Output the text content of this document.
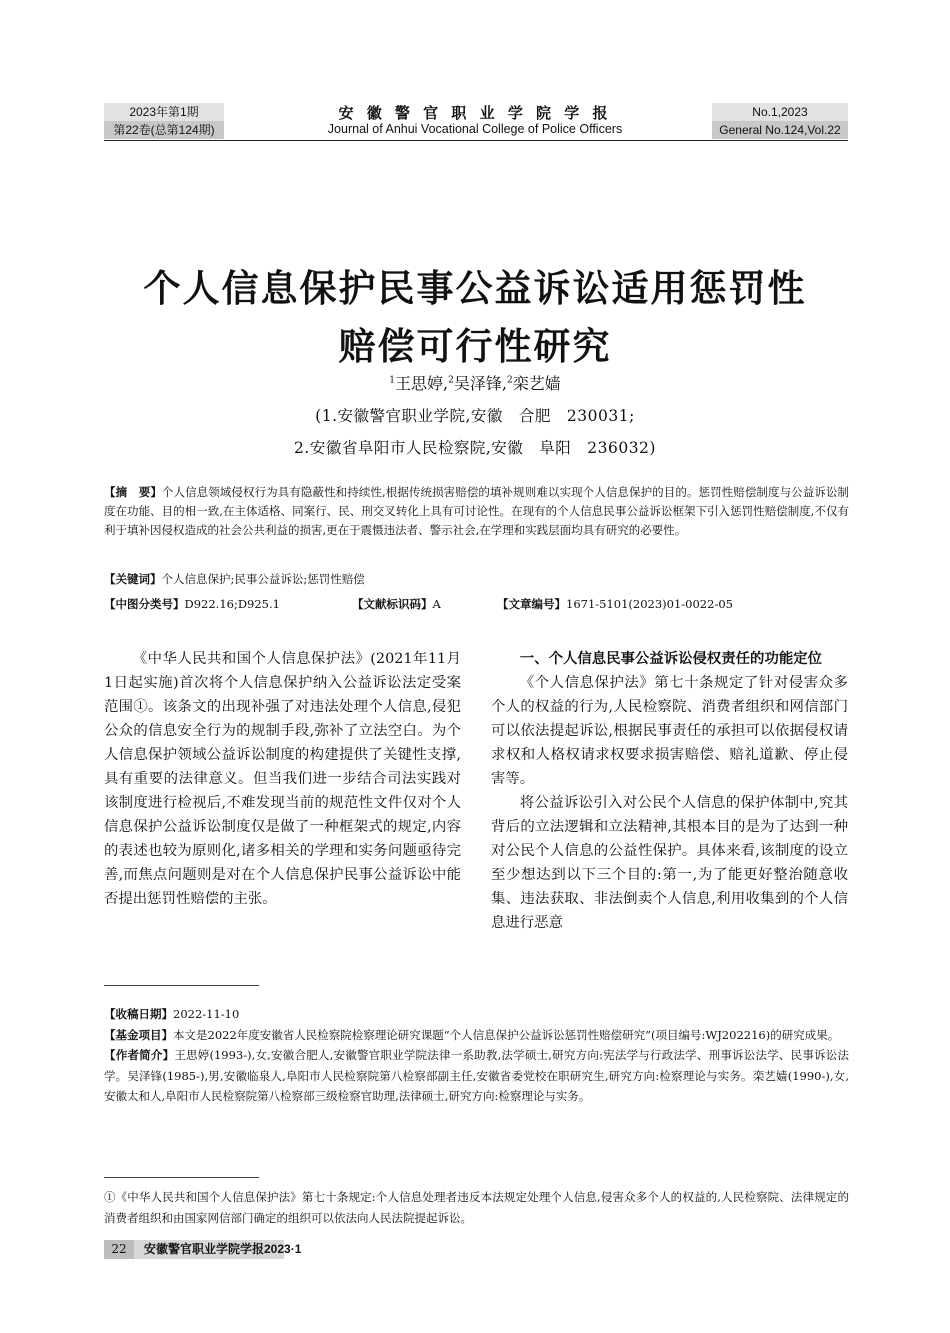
2023年第1期
第22卷(总第124期)
安 徽 警 官 职 业 学 院 学 报
Journal of Anhui Vocational College of Police Officers
No.1,2023
General No.124,Vol.22
个人信息保护民事公益诉讼适用惩罚性
赔偿可行性研究
$^1$王思婷,$^2$吴泽锋,$^2$栾艺嫱
(1.安徽警官职业学院,安徽　合肥　230031;
2.安徽省阜阳市人民检察院,安徽　阜阳　236032)
【摘　要】个人信息领域侵权行为具有隐蔽性和持续性,根据传统损害赔偿的填补规则难以实现个人信息保护的目的。惩罚性赔偿制度与公益诉讼制度在功能、目的相一致,在主体适格、同案行、民、刑交叉转化上具有可讨论性。在现有的个人信息民事公益诉讼框架下引入惩罚性赔偿制度,不仅有利于填补因侵权造成的社会公共利益的损害,更在于震慑违法者、警示社会,在学理和实践层面均具有研究的必要性。
【关键词】个人信息保护;民事公益诉讼;惩罚性赔偿
【中图分类号】D922.16;D925.1	【文献标识码】A	【文章编号】1671-5101(2023)01-0022-05

《中华人民共和国个人信息保护法》(2021年11月1日起实施)首次将个人信息保护纳入公益诉讼法定受案范围①。该条文的出现补强了对违法处理个人信息,侵犯公众的信息安全行为的规制手段,弥补了立法空白。为个人信息保护领域公益诉讼制度的构建提供了关键性支撑,具有重要的法律意义。但当我们进一步结合司法实践对该制度进行检视后,不难发现当前的规范性文件仅对个人信息保护公益诉讼制度仅是做了一种框架式的规定,内容的表述也较为原则化,诸多相关的学理和实务问题亟待完善,而焦点问题则是对在个人信息保护民事公益诉讼中能否提出惩罚性赔偿的主张。

一、个人信息民事公益诉讼侵权责任的功能定位

《个人信息保护法》第七十条规定了针对侵害众多个人的权益的行为,人民检察院、消费者组织和网信部门可以依法提起诉讼,根据民事责任的承担可以依据侵权请求权和人格权请求权要求损害赔偿、赔礼道歉、停止侵害等。

将公益诉讼引入对公民个人信息的保护体制中,究其背后的立法逻辑和立法精神,其根本目的是为了达到一种对公民个人信息的公益性保护。具体来看,该制度的设立至少想达到以下三个目的:第一,为了能更好整治随意收集、违法获取、非法倒卖个人信息,利用收集到的个人信息进行恶意

【收稿日期】2022-11-10

【基金项目】本文是2022年度安徽省人民检察院检察理论研究课题“个人信息保护公益诉讼惩罚性赔偿研究”(项目编号:WJ202216)的研究成果。

【作者简介】王思婷(1993-),女,安徽合肥人,安徽警官职业学院法律一系助教,法学硕士,研究方向:宪法学与行政法学、刑事诉讼法学、民事诉讼法学。吴泽锋(1985-),男,安徽临泉人,阜阳市人民检察院第八检察部副主任,安徽省委党校在职研究生,研究方向:检察理论与实务。栾艺嫱(1990-),女,安徽太和人,阜阳市人民检察院第八检察部三级检察官助理,法律硕士,研究方向:检察理论与实务。

①《中华人民共和国个人信息保护法》第七十条规定:个人信息处理者违反本法规定处理个人信息,侵害众多个人的权益的,人民检察院、法律规定的消费者组织和由国家网信部门确定的组织可以依法向人民法院提起诉讼。
22	安徽警官职业学院学报2023·1
